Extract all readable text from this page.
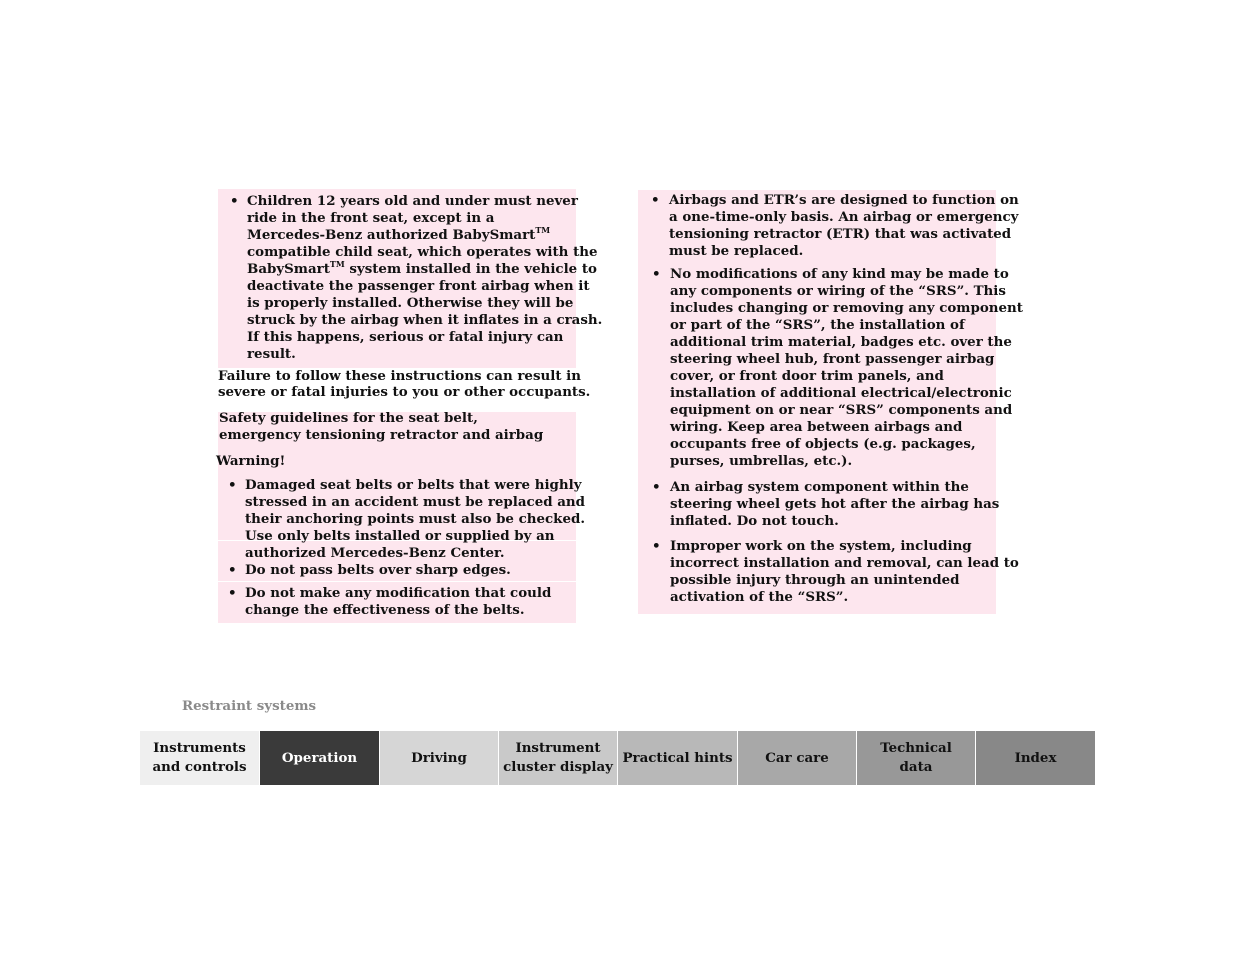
• Children 12 years old and under must never
ride in the front seat, except in a
Mercedes-Benz authorized BabySmart™
compatible child seat, which operates with the
BabySmart™ system installed in the vehicle to
deactivate the passenger front airbag when it
is properly installed. Otherwise they will be
struck by the airbag when it inflates in a crash.
If this happens, serious or fatal injury can
result.
Failure to follow these instructions can result in
severe or fatal injuries to you or other occupants.
Safety guidelines for the seat belt,
emergency tensioning retractor and airbag
Warning!
• Damaged seat belts or belts that were highly
stressed in an accident must be replaced and
their anchoring points must also be checked.
Use only belts installed or supplied by an
authorized Mercedes-Benz Center.
• Do not pass belts over sharp edges.
• Do not make any modification that could
change the effectiveness of the belts.
• Airbags and ETR’s are designed to function on
a one-time-only basis. An airbag or emergency
tensioning retractor (ETR) that was activated
must be replaced.
• No modifications of any kind may be made to
any components or wiring of the “SRS”. This
includes changing or removing any component
or part of the “SRS”, the installation of
additional trim material, badges etc. over the
steering wheel hub, front passenger airbag
cover, or front door trim panels, and
installation of additional electrical/electronic
equipment on or near “SRS” components and
wiring. Keep area between airbags and
occupants free of objects (e.g. packages,
purses, umbrellas, etc.).
• An airbag system component within the
steering wheel gets hot after the airbag has
inflated. Do not touch.
• Improper work on the system, including
incorrect installation and removal, can lead to
possible injury through an unintended
activation of the “SRS”.
Restraint systems
Instruments
and controls
Operation	Driving
Instrument
cluster display
Practical hints Car care
Technical
data
Index
